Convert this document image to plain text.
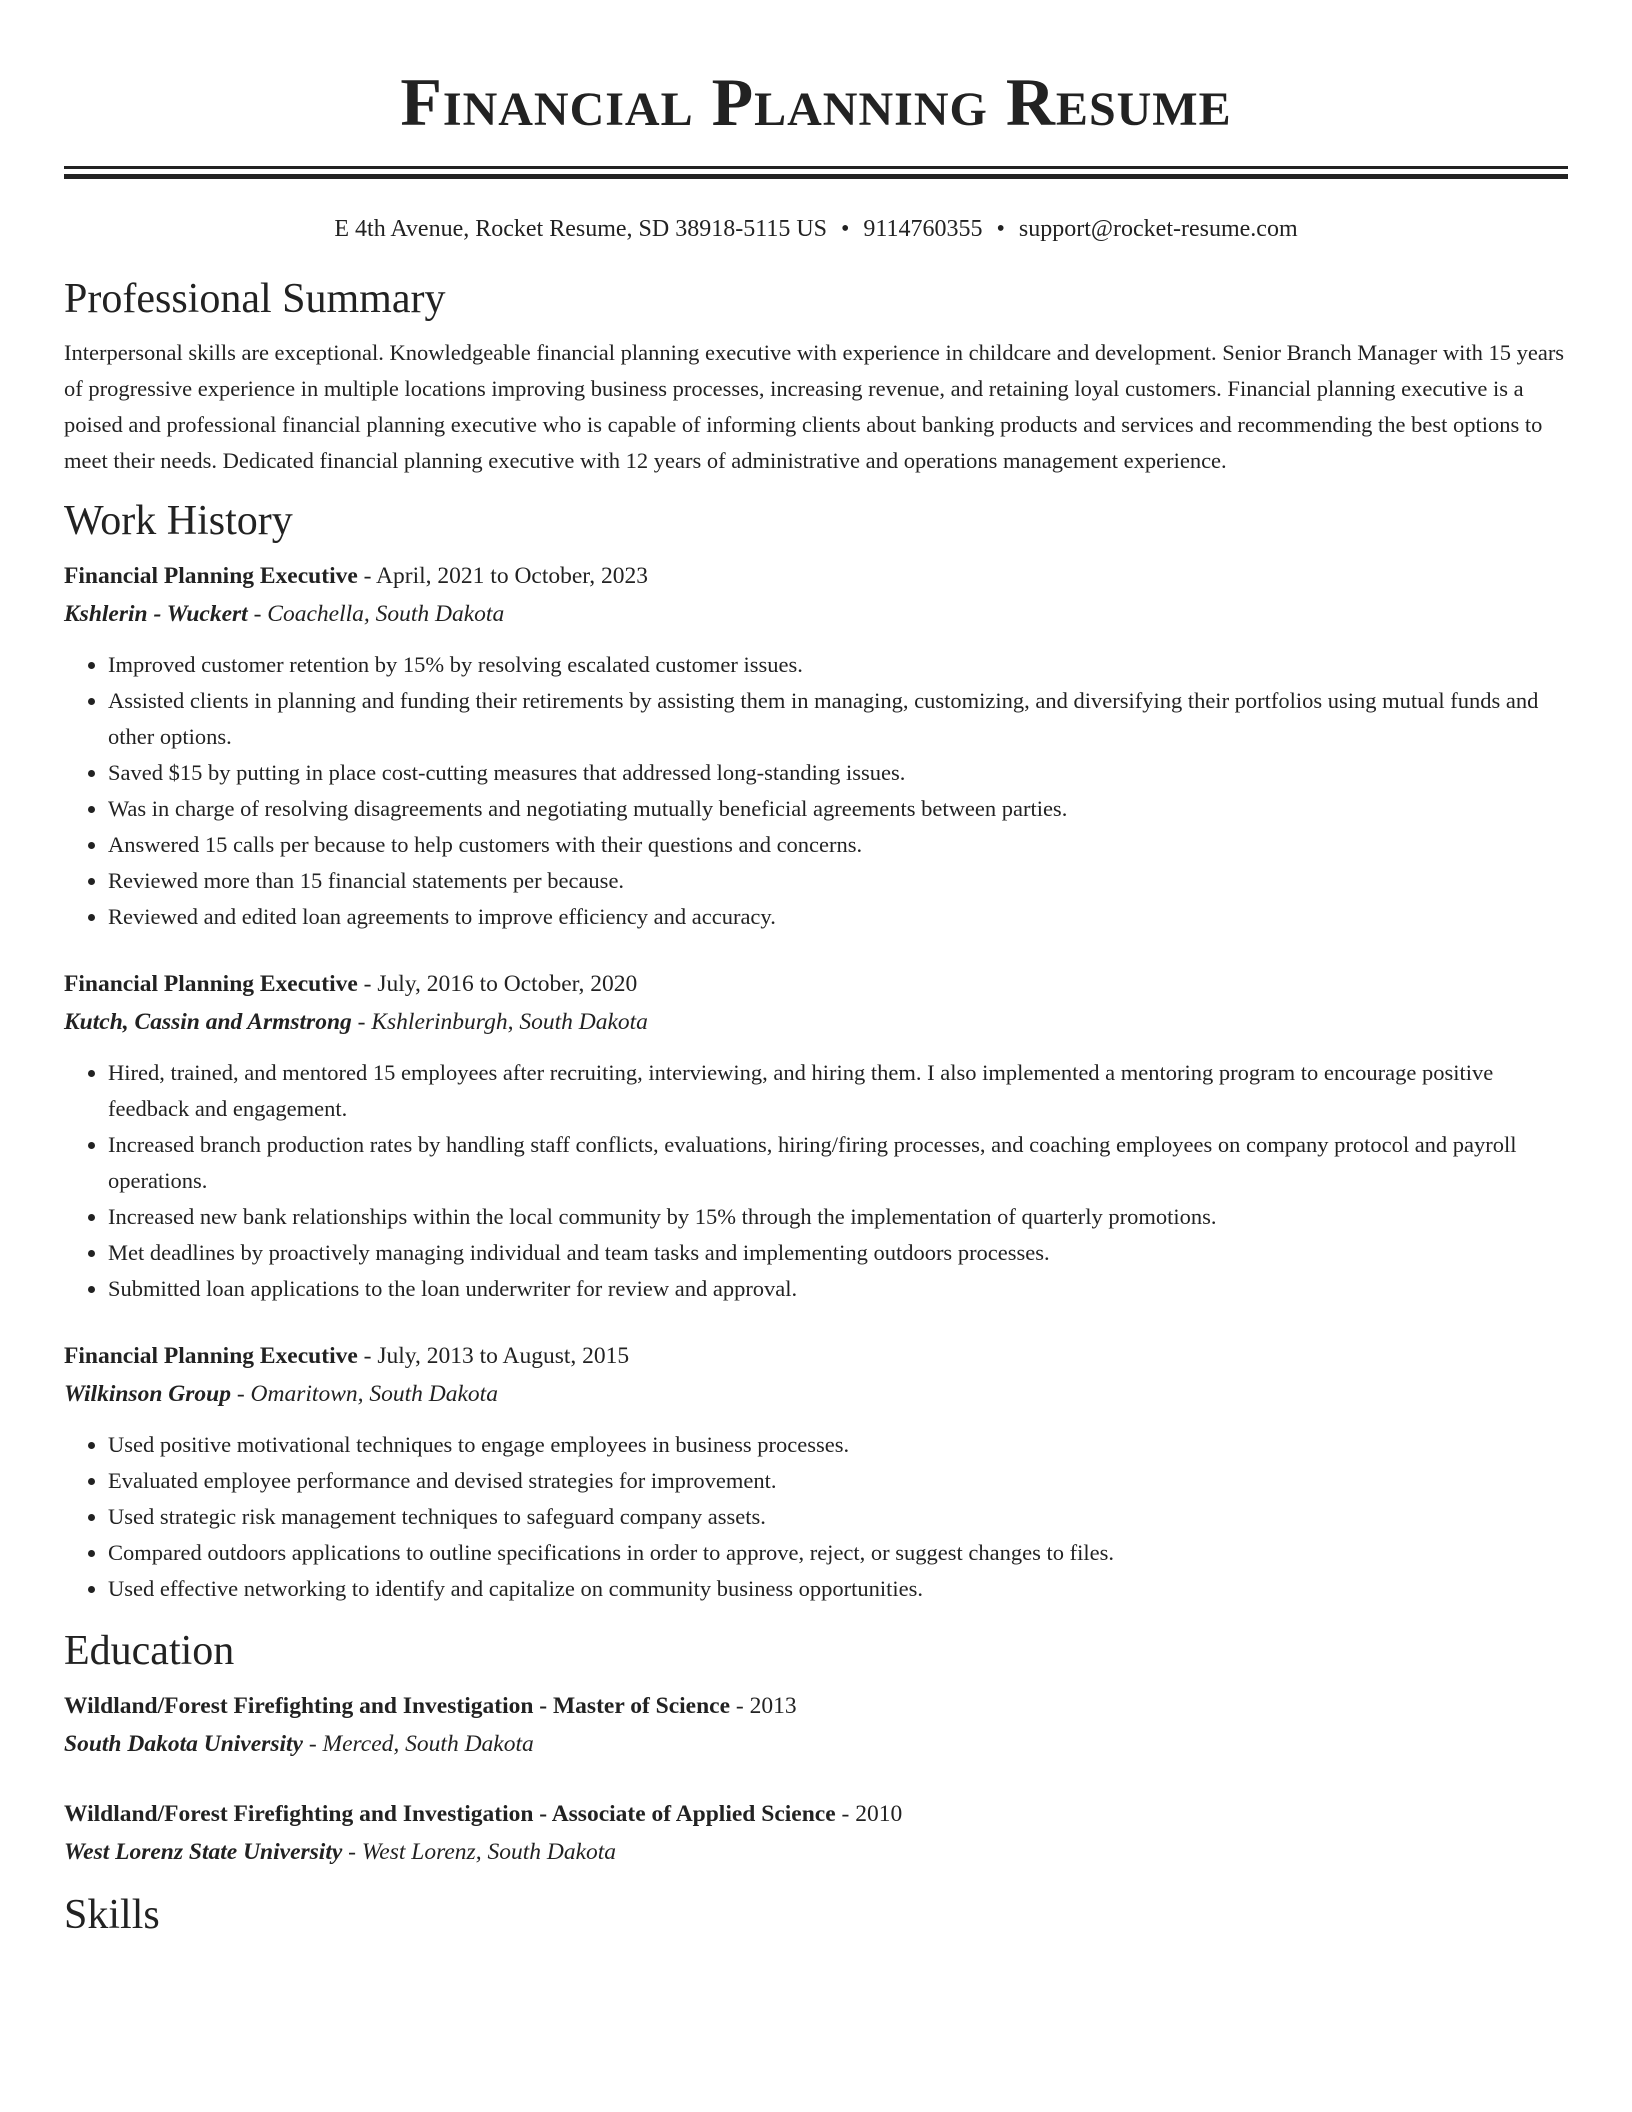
Financial Planning Resume
E 4th Avenue, Rocket Resume, SD 38918-5115 US • 9114760355 • support@rocket-resume.com
Professional Summary

Interpersonal skills are exceptional. Knowledgeable financial planning executive with experience in childcare and development. Senior Branch Manager with 15 years of progressive experience in multiple locations improving business processes, increasing revenue, and retaining loyal customers. Financial planning executive is a poised and professional financial planning executive who is capable of informing clients about banking products and services and recommending the best options to meet their needs. Dedicated financial planning executive with 12 years of administrative and operations management experience.

Work History

Financial Planning Executive - April, 2021 to October, 2023

Kshlerin - Wuckert - Coachella, South Dakota

• Improved customer retention by 15% by resolving escalated customer issues.
• Assisted clients in planning and funding their retirements by assisting them in managing, customizing, and diversifying their portfolios using mutual funds and other options.
• Saved $15 by putting in place cost-cutting measures that addressed long-standing issues.
• Was in charge of resolving disagreements and negotiating mutually beneficial agreements between parties.
• Answered 15 calls per because to help customers with their questions and concerns.
• Reviewed more than 15 financial statements per because.
• Reviewed and edited loan agreements to improve efficiency and accuracy.

Financial Planning Executive - July, 2016 to October, 2020

Kutch, Cassin and Armstrong - Kshlerinburgh, South Dakota

• Hired, trained, and mentored 15 employees after recruiting, interviewing, and hiring them. I also implemented a mentoring program to encourage positive feedback and engagement.
• Increased branch production rates by handling staff conflicts, evaluations, hiring/firing processes, and coaching employees on company protocol and payroll operations.
• Increased new bank relationships within the local community by 15% through the implementation of quarterly promotions.
• Met deadlines by proactively managing individual and team tasks and implementing outdoors processes.
• Submitted loan applications to the loan underwriter for review and approval.

Financial Planning Executive - July, 2013 to August, 2015

Wilkinson Group - Omaritown, South Dakota

• Used positive motivational techniques to engage employees in business processes.
• Evaluated employee performance and devised strategies for improvement.
• Used strategic risk management techniques to safeguard company assets.
• Compared outdoors applications to outline specifications in order to approve, reject, or suggest changes to files.
• Used effective networking to identify and capitalize on community business opportunities.
Education

Wildland/Forest Firefighting and Investigation - Master of Science - 2013

South Dakota University - Merced, South Dakota

Wildland/Forest Firefighting and Investigation - Associate of Applied Science - 2010

West Lorenz State University - West Lorenz, South Dakota

Skills
